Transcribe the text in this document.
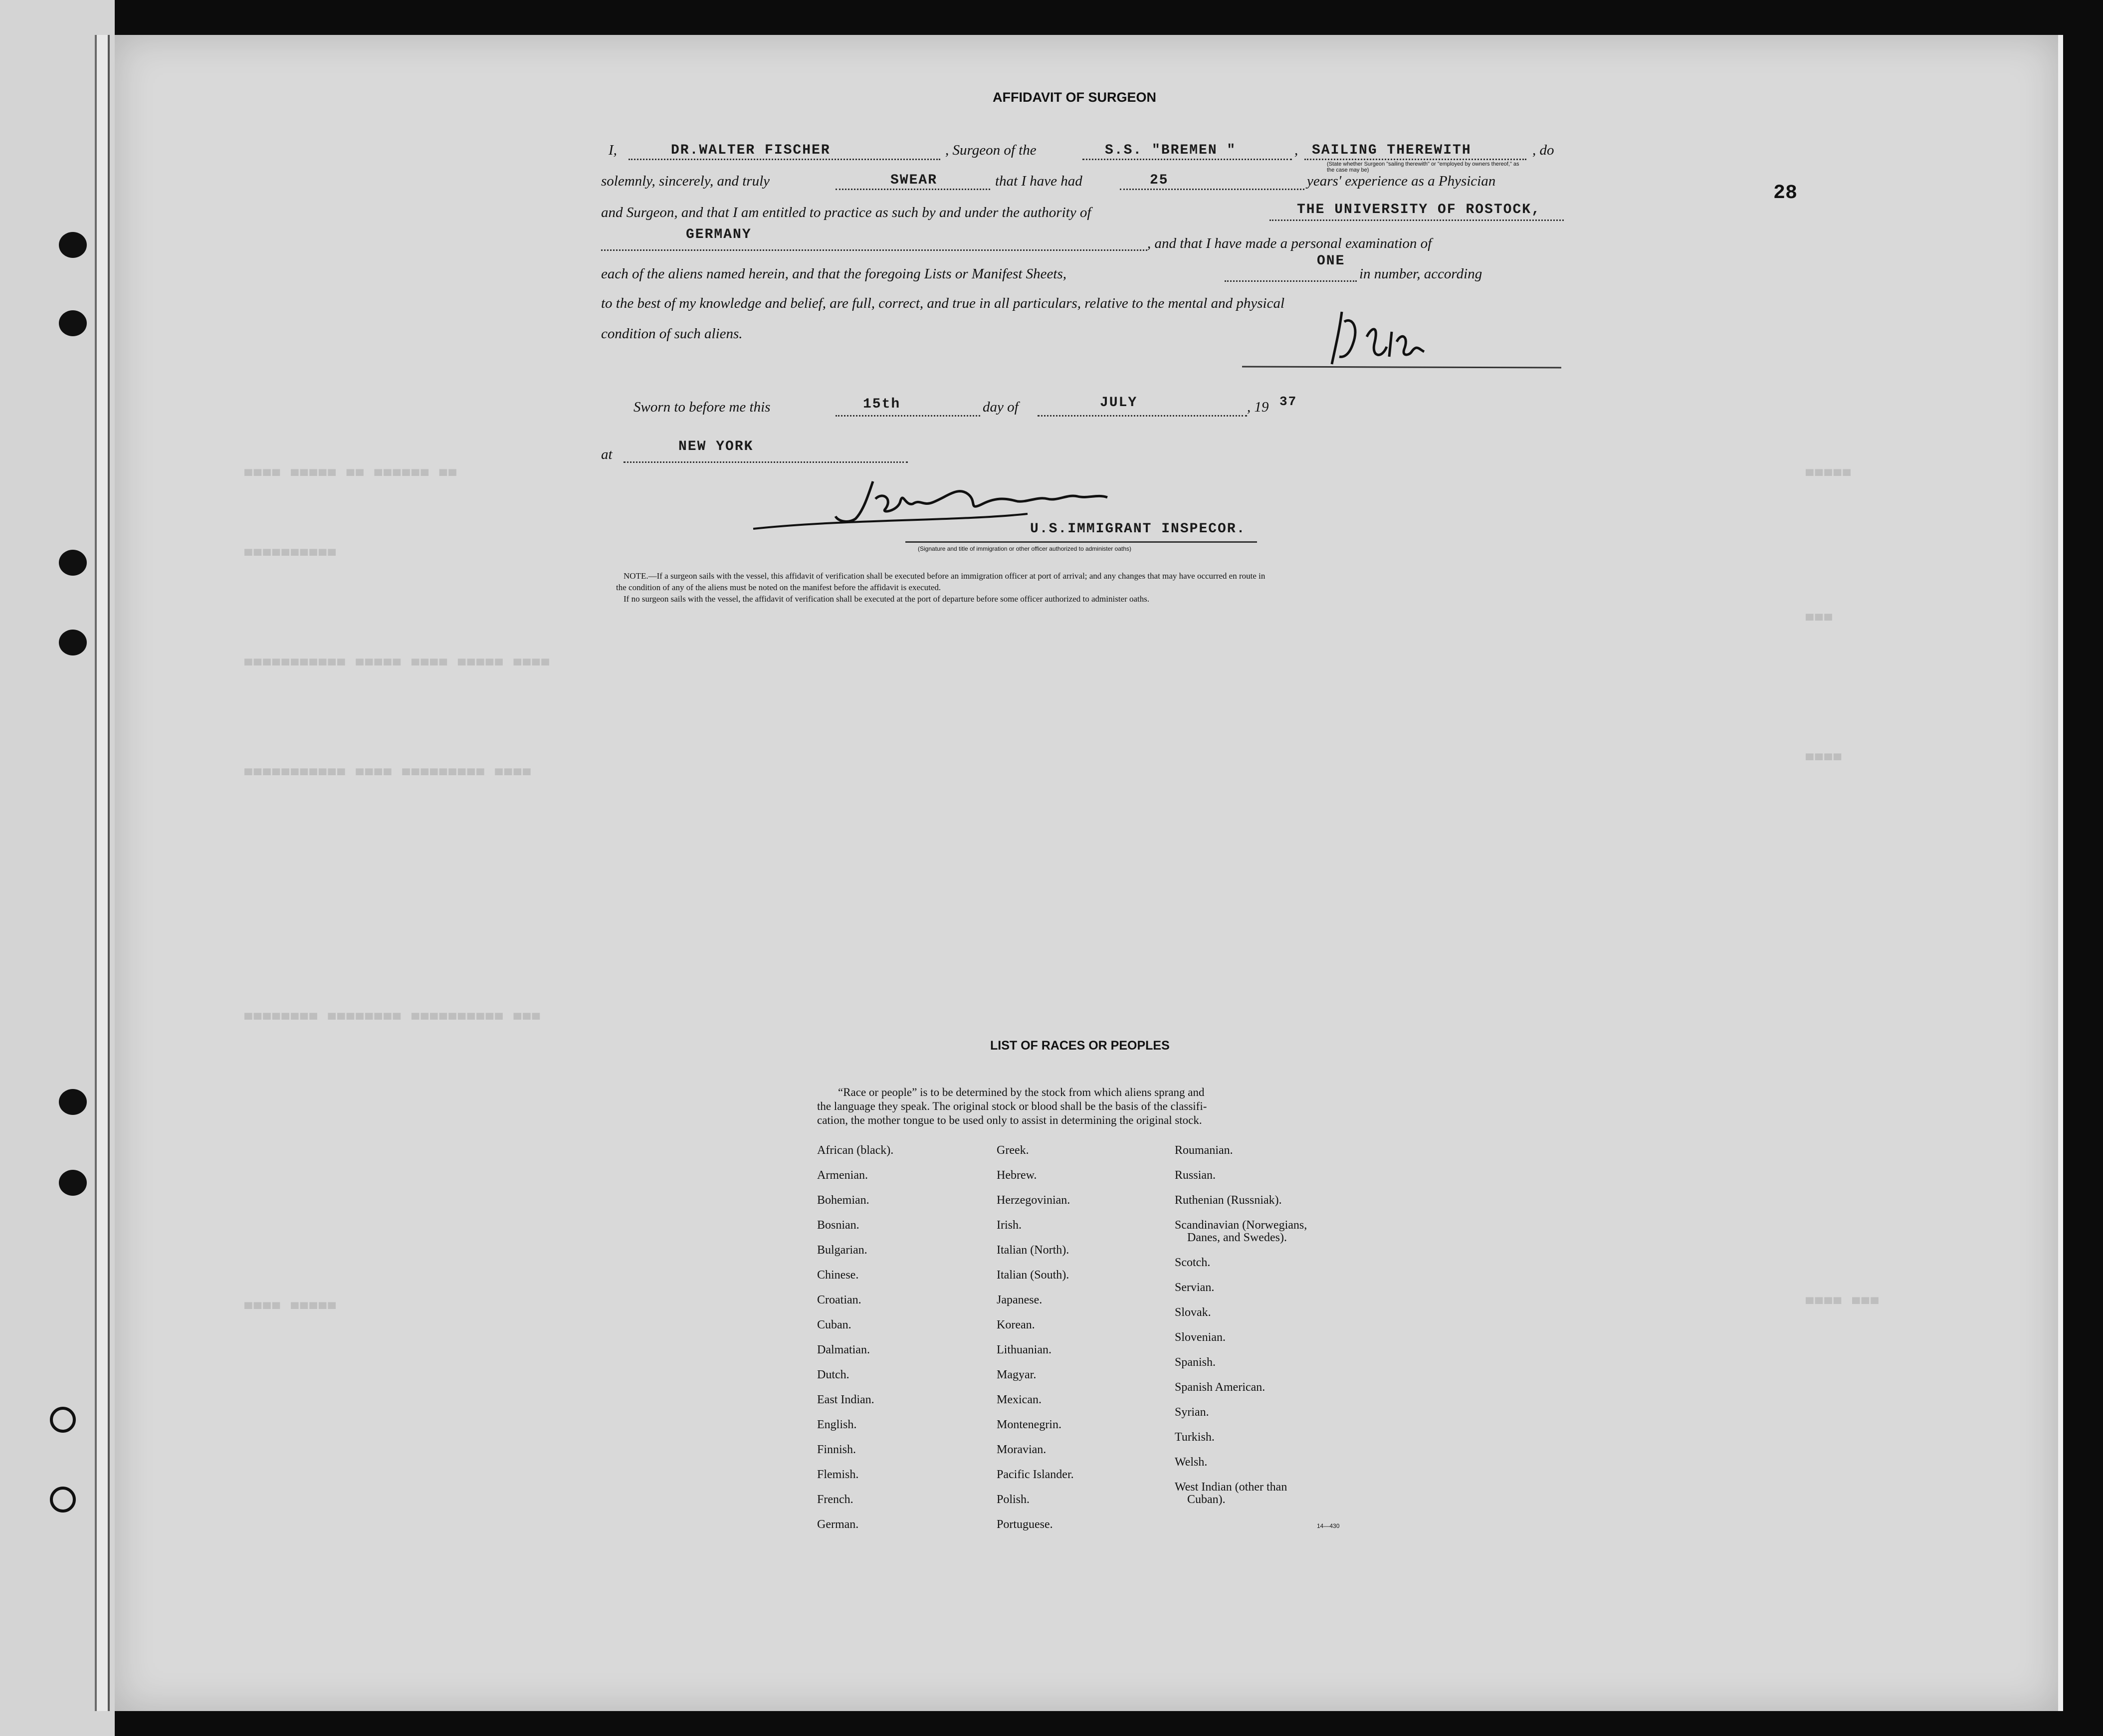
▀▀▀▀ ▀▀▀▀▀ ▀▀ ▀▀▀▀▀▀ ▀▀
▀▀▀▀▀▀▀▀▀▀
▀▀▀▀▀▀▀▀▀▀▀ ▀▀▀▀▀ ▀▀▀▀ ▀▀▀▀▀ ▀▀▀▀
▀▀▀▀▀▀▀▀▀▀▀ ▀▀▀▀ ▀▀▀▀▀▀▀▀▀ ▀▀▀▀
▀▀▀▀▀▀▀▀ ▀▀▀▀▀▀▀▀ ▀▀▀▀▀▀▀▀▀▀ ▀▀▀
▀▀▀▀ ▀▀▀▀▀
▀▀▀▀▀
▀▀▀
▀▀▀▀
▀▀▀▀ ▀▀▀
AFFIDAVIT OF SURGEON
I,	DR.WALTER FISCHER	, Surgeon of the	S.S. "BREMEN "	, SAILING THEREWITH	, do
(State whether Surgeon "sailing therewith" or "employed by owners thereof," as the case may be)
solemnly, sincerely, and truly	SWEAR	that I have had	25	years' experience as a Physician
and Surgeon, and that I am entitled to practice as such by and under the authority of	THE UNIVERSITY OF ROSTOCK,
GERMANY
, and that I have made a personal examination of
each of the aliens named herein, and that the foregoing Lists or Manifest Sheets,
ONE
in number, according
to the best of my knowledge and belief, are full, correct, and true in all particulars, relative to the mental and physical
condition of such aliens.
Sworn to before me this	15th	day of	JULY	, 19 37
at	NEW YORK
U.S.IMMIGRANT INSPECOR.
(Signature and title of immigration or other officer authorized to administer oaths)
NOTE.—If a surgeon sails with the vessel, this affidavit of verification shall be executed before an immigration officer at port of arrival; and any changes that may have occurred en route in
the condition of any of the aliens must be noted on the manifest before the affidavit is executed.
If no surgeon sails with the vessel, the affidavit of verification shall be executed at the port of departure before some officer authorized to administer oaths.
28
LIST OF RACES OR PEOPLES
“Race or people” is to be determined by the stock from which aliens sprang and
the language they speak. The original stock or blood shall be the basis of the classifi-
cation, the mother tongue to be used only to assist in determining the original stock.
African (black).
Armenian.
Bohemian.
Bosnian.
Bulgarian.
Chinese.
Croatian.
Cuban.
Dalmatian.
Dutch.
East Indian.
English.
Finnish.
Flemish.
French.
German.
Greek.
Hebrew.
Herzegovinian.
Irish.
Italian (North).
Italian (South).
Japanese.
Korean.
Lithuanian.
Magyar.
Mexican.
Montenegrin.
Moravian.
Pacific Islander.
Polish.
Portuguese.
Roumanian.
Russian.
Ruthenian (Russniak).
Scandinavian (Norwegians,
Danes, and Swedes).
Scotch.
Servian.
Slovak.
Slovenian.
Spanish.
Spanish American.
Syrian.
Turkish.
Welsh.
West Indian (other than
Cuban).
14—430
